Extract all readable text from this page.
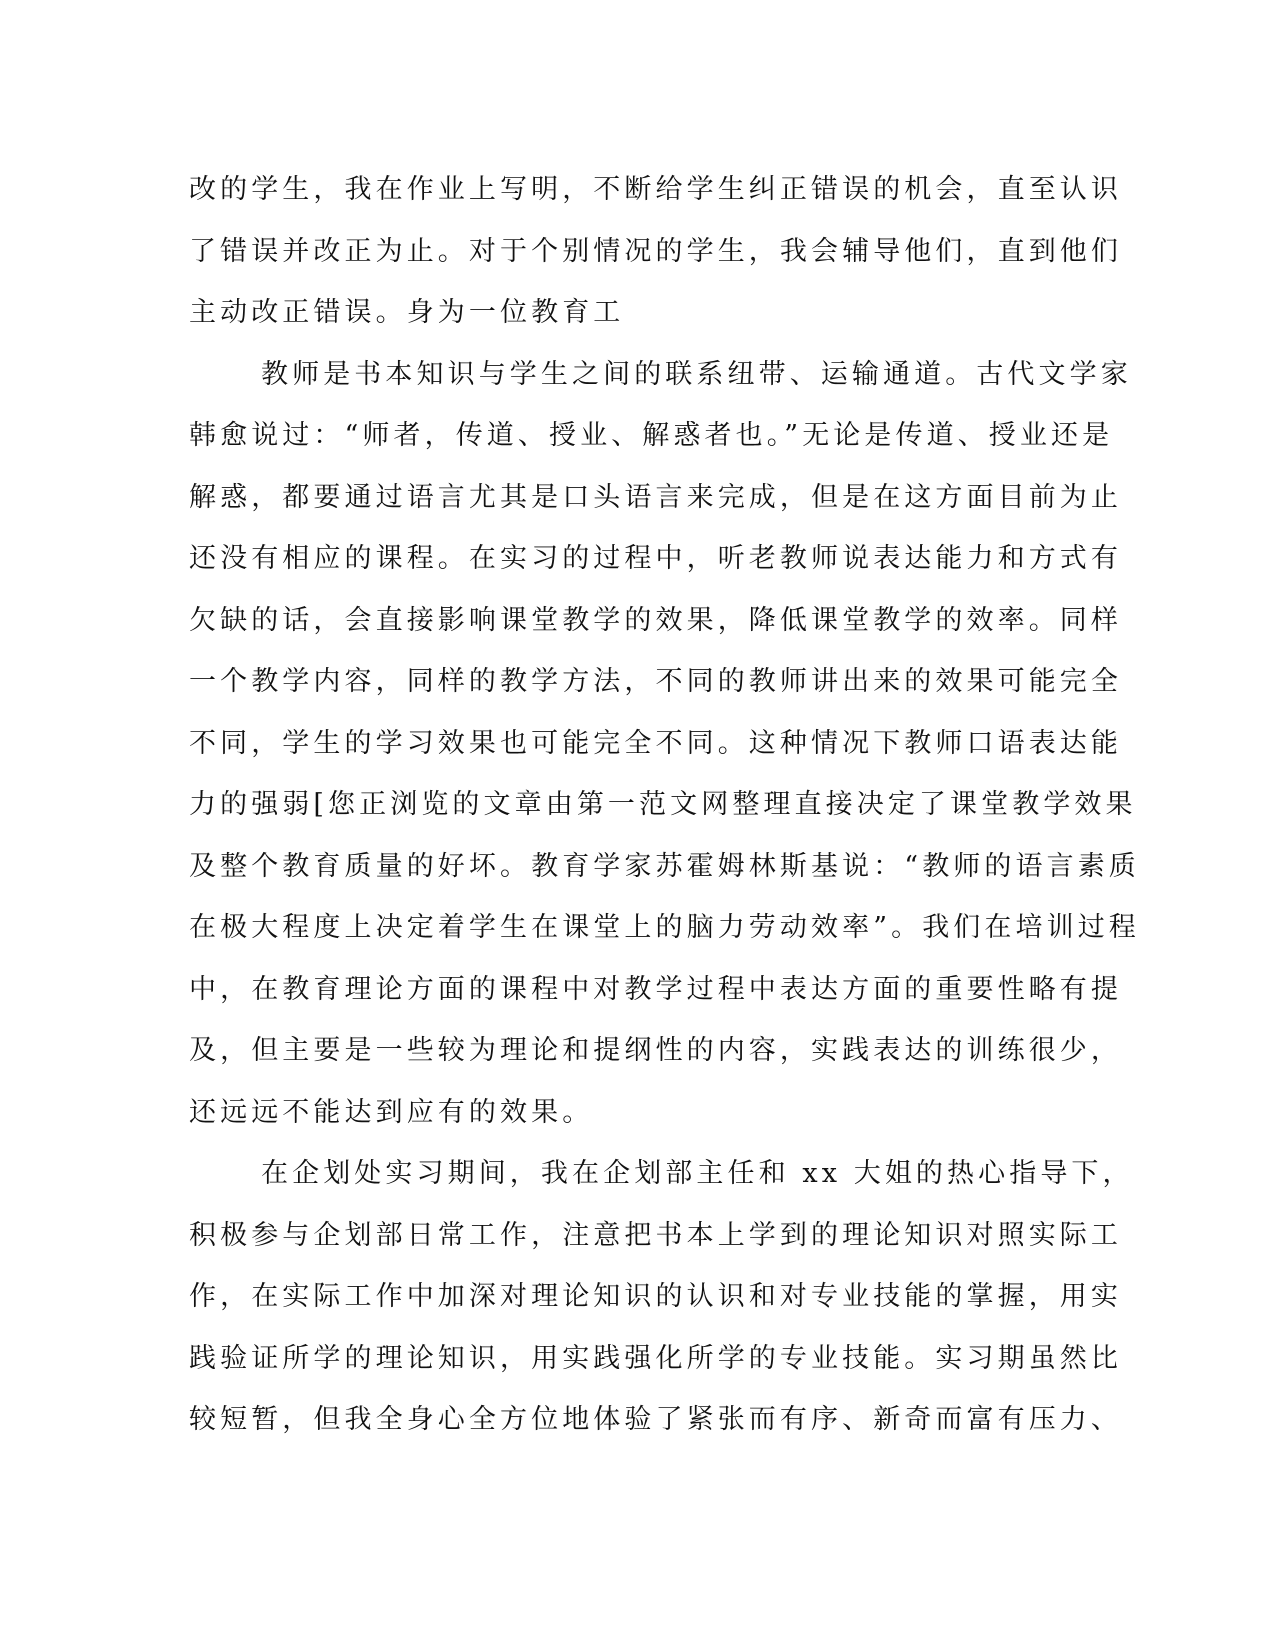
改的学生，我在作业上写明，不断给学生纠正错误的机会，直至认识
了错误并改正为止。对于个别情况的学生，我会辅导他们，直到他们
主动改正错误。身为一位教育工
教师是书本知识与学生之间的联系纽带、运输通道。古代文学家
韩愈说过：“师者，传道、授业、解惑者也。”无论是传道、授业还是
解惑，都要通过语言尤其是口头语言来完成，但是在这方面目前为止
还没有相应的课程。在实习的过程中，听老教师说表达能力和方式有
欠缺的话，会直接影响课堂教学的效果，降低课堂教学的效率。同样
一个教学内容，同样的教学方法，不同的教师讲出来的效果可能完全
不同，学生的学习效果也可能完全不同。这种情况下教师口语表达能
力的强弱[您正浏览的文章由第一范文网整理直接决定了课堂教学效果
及整个教育质量的好坏。教育学家苏霍姆林斯基说：“教师的语言素质
在极大程度上决定着学生在课堂上的脑力劳动效率”。我们在培训过程
中，在教育理论方面的课程中对教学过程中表达方面的重要性略有提
及，但主要是一些较为理论和提纲性的内容，实践表达的训练很少，
还远远不能达到应有的效果。
在企划处实习期间，我在企划部主任和 xx 大姐的热心指导下，
积极参与企划部日常工作，注意把书本上学到的理论知识对照实际工
作，在实际工作中加深对理论知识的认识和对专业技能的掌握，用实
践验证所学的理论知识，用实践强化所学的专业技能。实习期虽然比
较短暂，但我全身心全方位地体验了紧张而有序、新奇而富有压力、
